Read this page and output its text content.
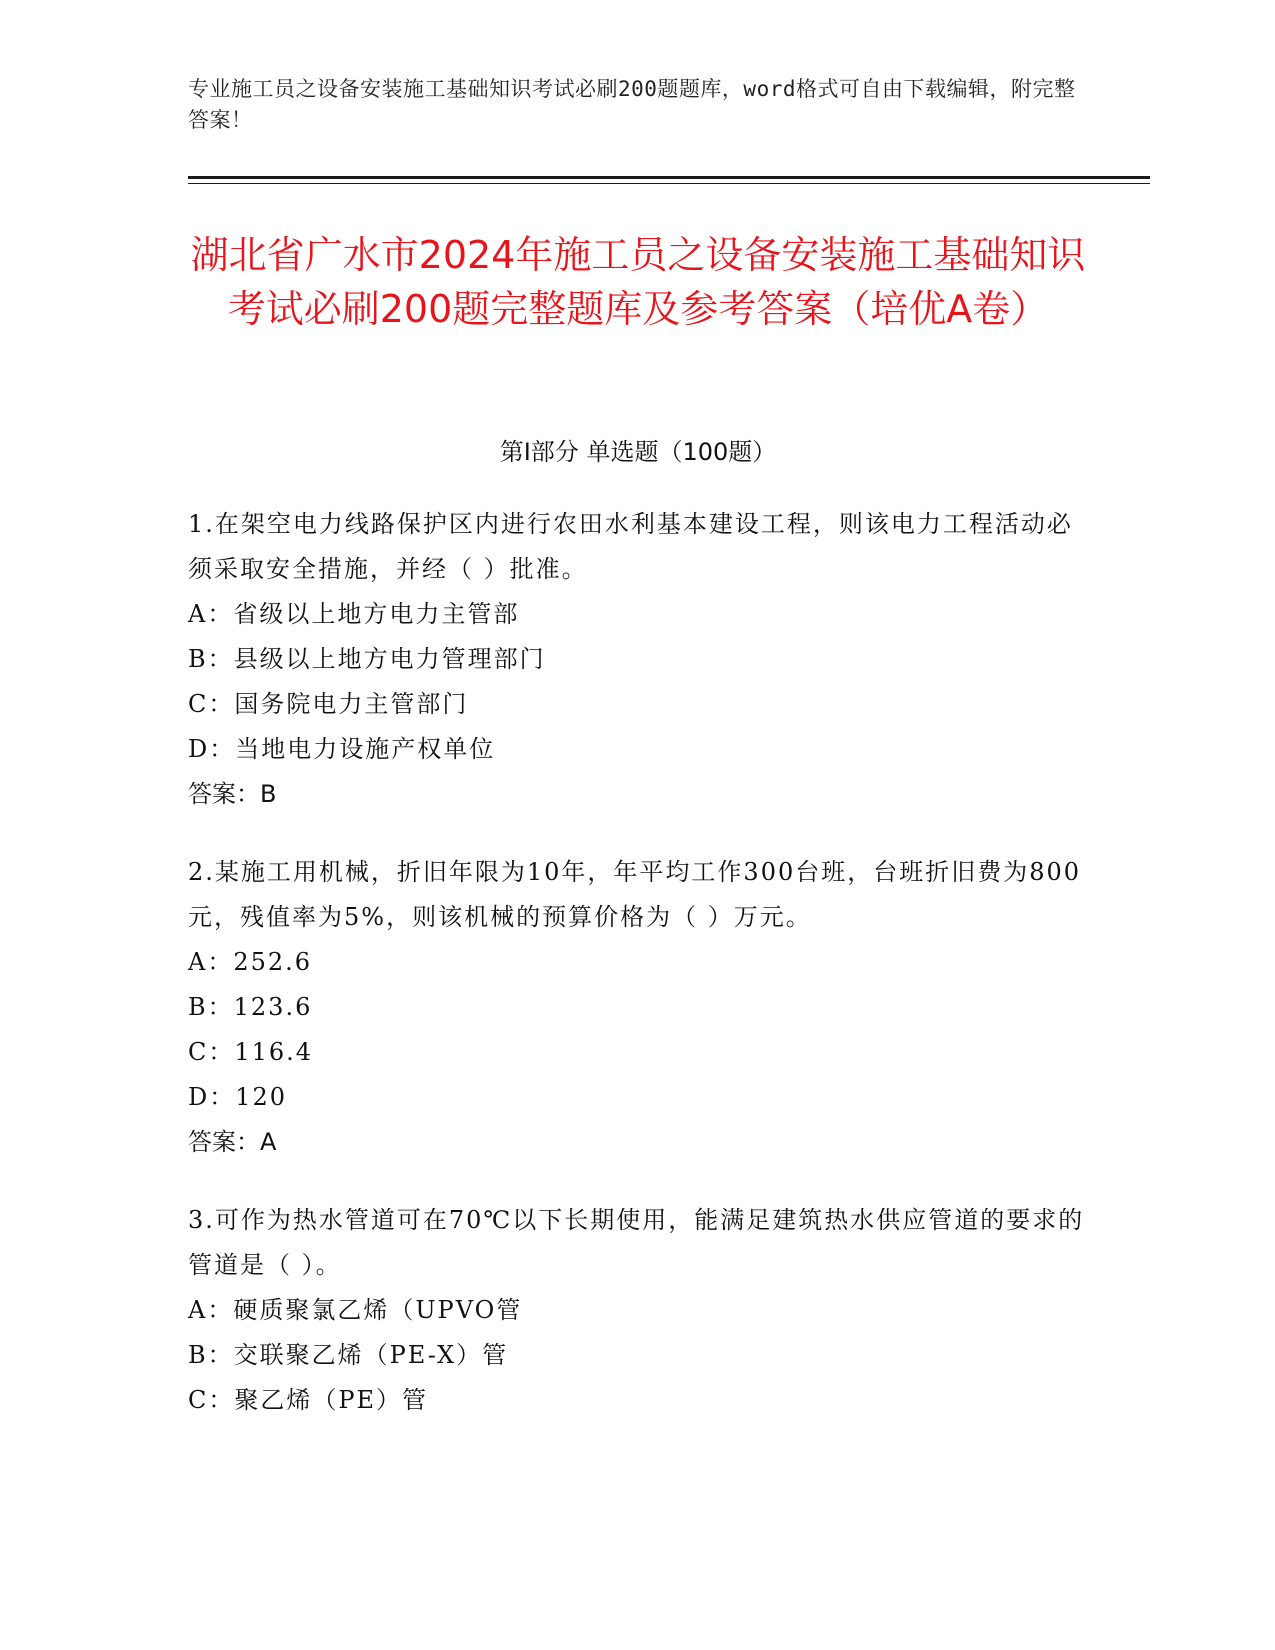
专业施工员之设备安装施工基础知识考试必刷200题题库，word格式可自由下载编辑，附完整答案！
湖北省广水市2024年施工员之设备安装施工基础知识考试必刷200题完整题库及参考答案（培优A卷）
第I部分 单选题（100题）

1.在架空电力线路保护区内进行农田水利基本建设工程，则该电力工程活动必须采取安全措施，并经（ ）批准。

A：省级以上地方电力主管部

B：县级以上地方电力管理部门

C：国务院电力主管部门

D：当地电力设施产权单位

答案：B

2.某施工用机械，折旧年限为10年，年平均工作300台班，台班折旧费为800元，残值率为5%，则该机械的预算价格为（ ）万元。

A：252.6

B：123.6

C：116.4

D：120

答案：A

3.可作为热水管道可在70℃以下长期使用，能满足建筑热水供应管道的要求的管道是（ ）。

A：硬质聚氯乙烯（UPVO管

B：交联聚乙烯（PE-X）管

C：聚乙烯（PE）管
